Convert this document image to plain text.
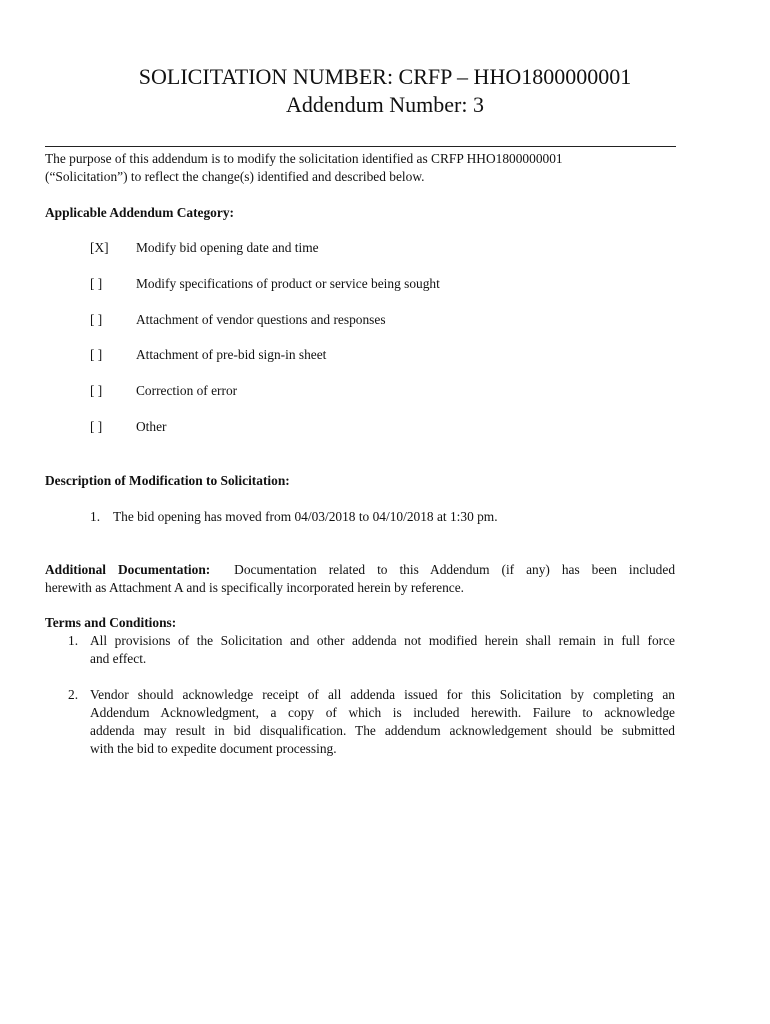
SOLICITATION NUMBER: CRFP – HHO1800000001
Addendum Number: 3
The purpose of this addendum is to modify the solicitation identified as CRFP HHO1800000001
(“Solicitation”) to reflect the change(s) identified and described below.
Applicable Addendum Category:
[X]	Modify bid opening date and time
[ ]	Modify specifications of product or service being sought
[ ]	Attachment of vendor questions and responses
[ ]	Attachment of pre-bid sign-in sheet
[ ]	Correction of error
[ ]	Other
Description of Modification to Solicitation:
1. The bid opening has moved from 04/03/2018 to 04/10/2018 at 1:30 pm.
Additional Documentation: Documentation related to this Addendum (if any) has been included
herewith as Attachment A and is specifically incorporated herein by reference.
Terms and Conditions:
1. All provisions of the Solicitation and other addenda not modified herein shall remain in full force
and effect.
2. Vendor should acknowledge receipt of all addenda issued for this Solicitation by completing an
Addendum Acknowledgment, a copy of which is included herewith. Failure to acknowledge
addenda may result in bid disqualification. The addendum acknowledgement should be submitted
with the bid to expedite document processing.
